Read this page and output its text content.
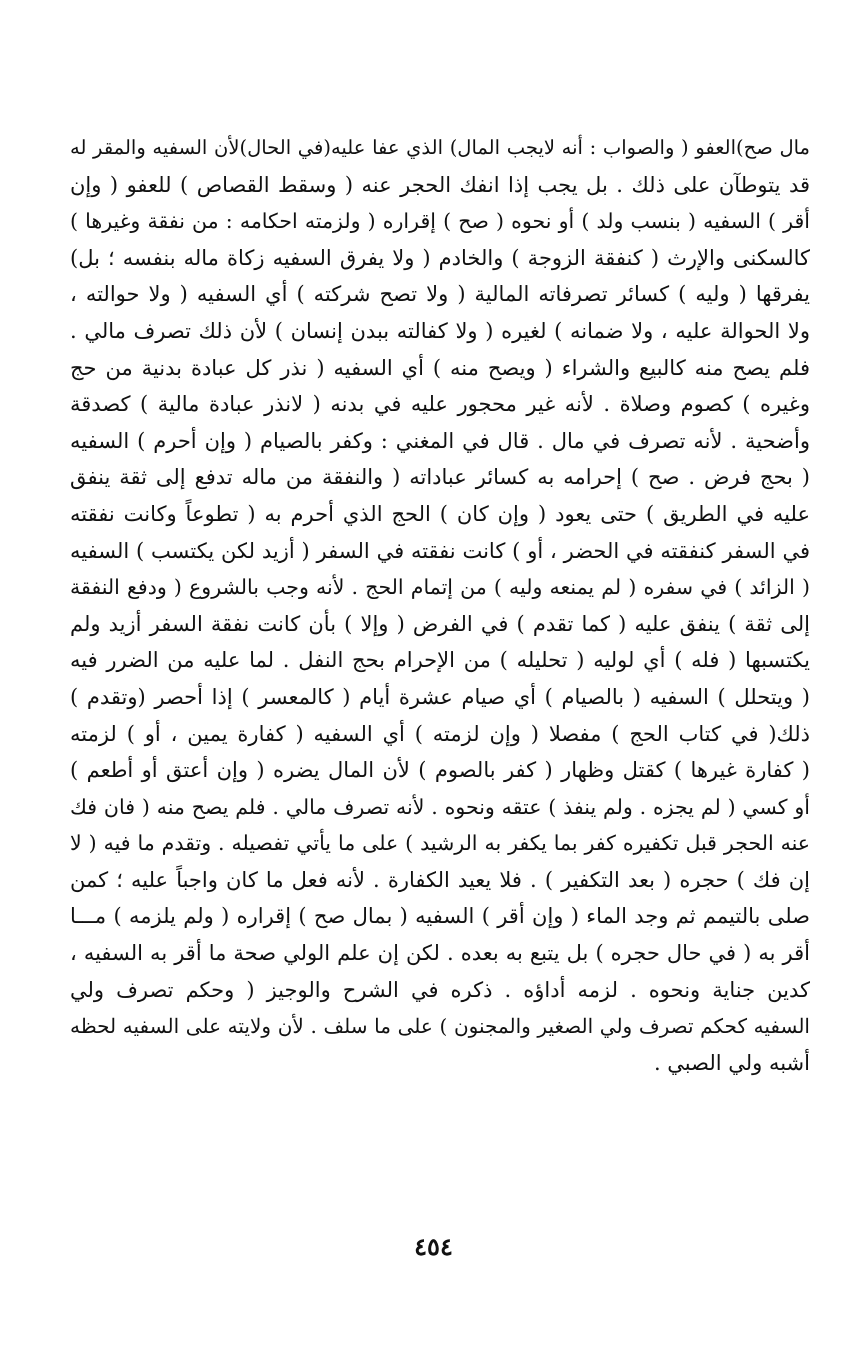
مال صح)العفو ( والصواب : أنه لايجب المال) الذي عفا عليه(في الحال)لأن السفيه والمقر له
قد يتوطآن على ذلك . بل يجب إذا انفك الحجر عنه ( وسقط القصاص ) للعفو ( وإن
أقر ) السفيه ( بنسب ولد ) أو نحوه ( صح ) إقراره ( ولزمته احكامه : من نفقة وغيرها )
كالسكنى والإرث ( كنفقة الزوجة ) والخادم ( ولا يفرق السفيه زكاة ماله بنفسه ؛ بل)
يفرقها ( وليه ) كسائر تصرفاته المالية ( ولا تصح شركته ) أي السفيه ( ولا حوالته ،
ولا الحوالة عليه ، ولا ضمانه ) لغيره ( ولا كفالته ببدن إنسان ) لأن ذلك تصرف مالي .
فلم يصح منه كالبيع والشراء ( ويصح منه ) أي السفيه ( نذر كل عبادة بدنية من حج
وغيره ) كصوم وصلاة . لأنه غير محجور عليه في بدنه ( لانذر عبادة مالية ) كصدقة
وأضحية . لأنه تصرف في مال . قال في المغني : وكفر بالصيام ( وإن أحرم ) السفيه
( بحج فرض . صح ) إحرامه به كسائر عباداته ( والنفقة من ماله تدفع إلى ثقة ينفق
عليه في الطريق ) حتى يعود ( وإن كان ) الحج الذي أحرم به ( تطوعاً وكانت نفقته
في السفر كنفقته في الحضر ، أو ) كانت نفقته في السفر ( أزيد لكن يكتسب ) السفيه
( الزائد ) في سفره ( لم يمنعه وليه ) من إتمام الحج . لأنه وجب بالشروع ( ودفع النفقة
إلى ثقة ) ينفق عليه ( كما تقدم ) في الفرض ( وإلا ) بأن كانت نفقة السفر أزيد ولم
يكتسبها ( فله ) أي لوليه ( تحليله ) من الإحرام بحج النفل . لما عليه من الضرر فيه
( ويتحلل ) السفيه ( بالصيام ) أي صيام عشرة أيام ( كالمعسر ) إذا أحصر (وتقدم )
ذلك( في كتاب الحج ) مفصلا ( وإن لزمته ) أي السفيه ( كفارة يمين ، أو ) لزمته
( كفارة غيرها ) كقتل وظهار ( كفر بالصوم ) لأن المال يضره ( وإن أعتق أو أطعم )
أو كسي ( لم يجزه . ولم ينفذ ) عتقه ونحوه . لأنه تصرف مالي . فلم يصح منه ( فان فك
عنه الحجر قبل تكفيره كفر بما يكفر به الرشيد ) على ما يأتي تفصيله . وتقدم ما فيه ( لا
إن فك ) حجره ( بعد التكفير ) . فلا يعيد الكفارة . لأنه فعل ما كان واجباً عليه ؛ كمن
صلى بالتيمم ثم وجد الماء ( وإن أقر ) السفيه ( بمال صح ) إقراره ( ولم يلزمه ) مـــا
أقر به ( في حال حجره ) بل يتبع به بعده . لكن إن علم الولي صحة ما أقر به السفيه ،
كدين جناية ونحوه . لزمه أداؤه . ذكره في الشرح والوجيز ( وحكم تصرف ولي
السفيه كحكم تصرف ولي الصغير والمجنون ) على ما سلف . لأن ولايته على السفيه لحظه
أشبه ولي الصبي .
٤٥٤
